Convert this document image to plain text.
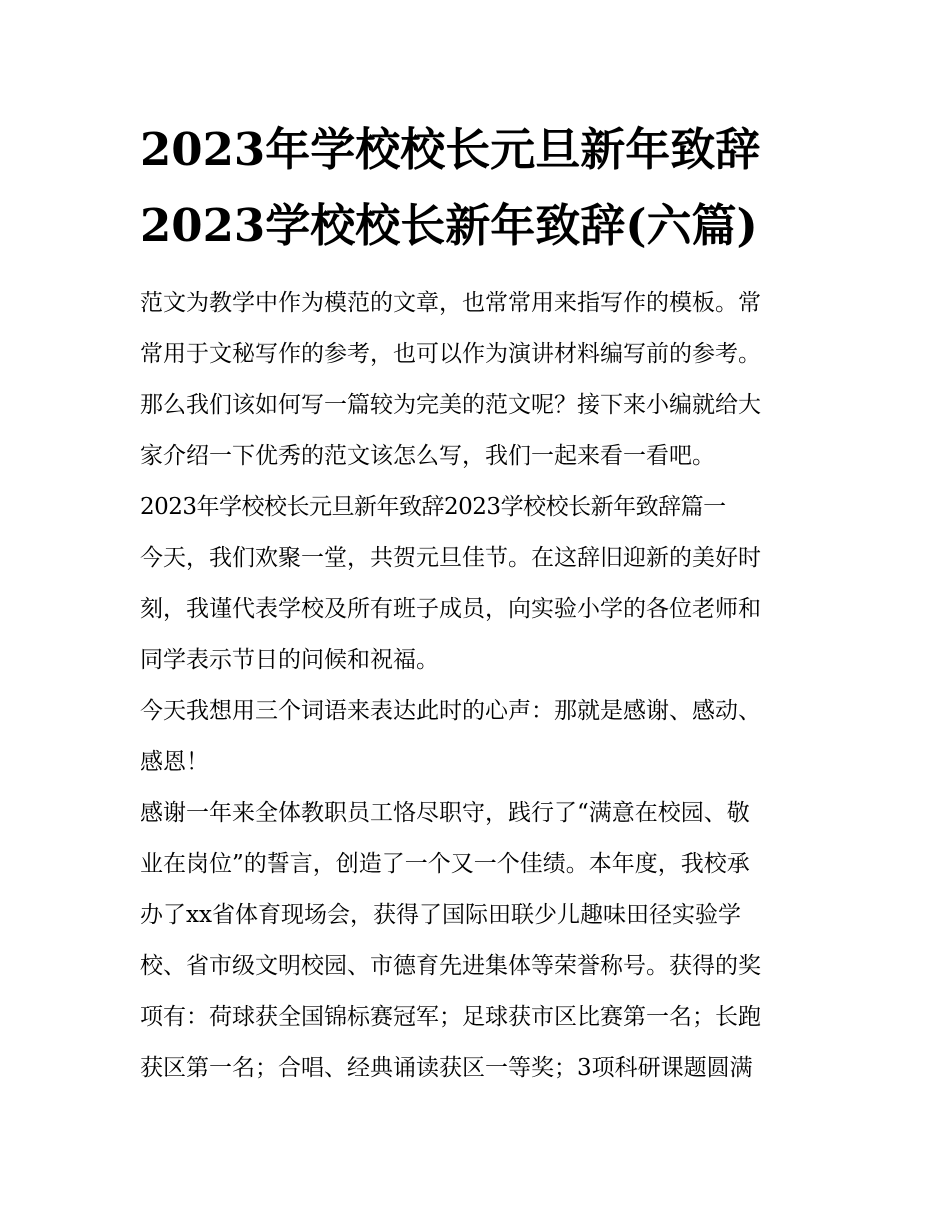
2023年学校校长元旦新年致辞
2023学校校长新年致辞(六篇)

范文为教学中作为模范的文章，也常常用来指写作的模板。常
常用于文秘写作的参考，也可以作为演讲材料编写前的参考。
那么我们该如何写一篇较为完美的范文呢？接下来小编就给大
家介绍一下优秀的范文该怎么写，我们一起来看一看吧。

2023年学校校长元旦新年致辞2023学校校长新年致辞篇一

今天，我们欢聚一堂，共贺元旦佳节。在这辞旧迎新的美好时
刻，我谨代表学校及所有班子成员，向实验小学的各位老师和
同学表示节日的问候和祝福。

今天我想用三个词语来表达此时的心声：那就是感谢、感动、
感恩！

感谢一年来全体教职员工恪尽职守，践行了“满意在校园、敬
业在岗位”的誓言，创造了一个又一个佳绩。本年度，我校承
办了xx省体育现场会，获得了国际田联少儿趣味田径实验学
校、省市级文明校园、市德育先进集体等荣誉称号。获得的奖
项有：荷球获全国锦标赛冠军；足球获市区比赛第一名；长跑
获区第一名；合唱、经典诵读获区一等奖；3项科研课题圆满
